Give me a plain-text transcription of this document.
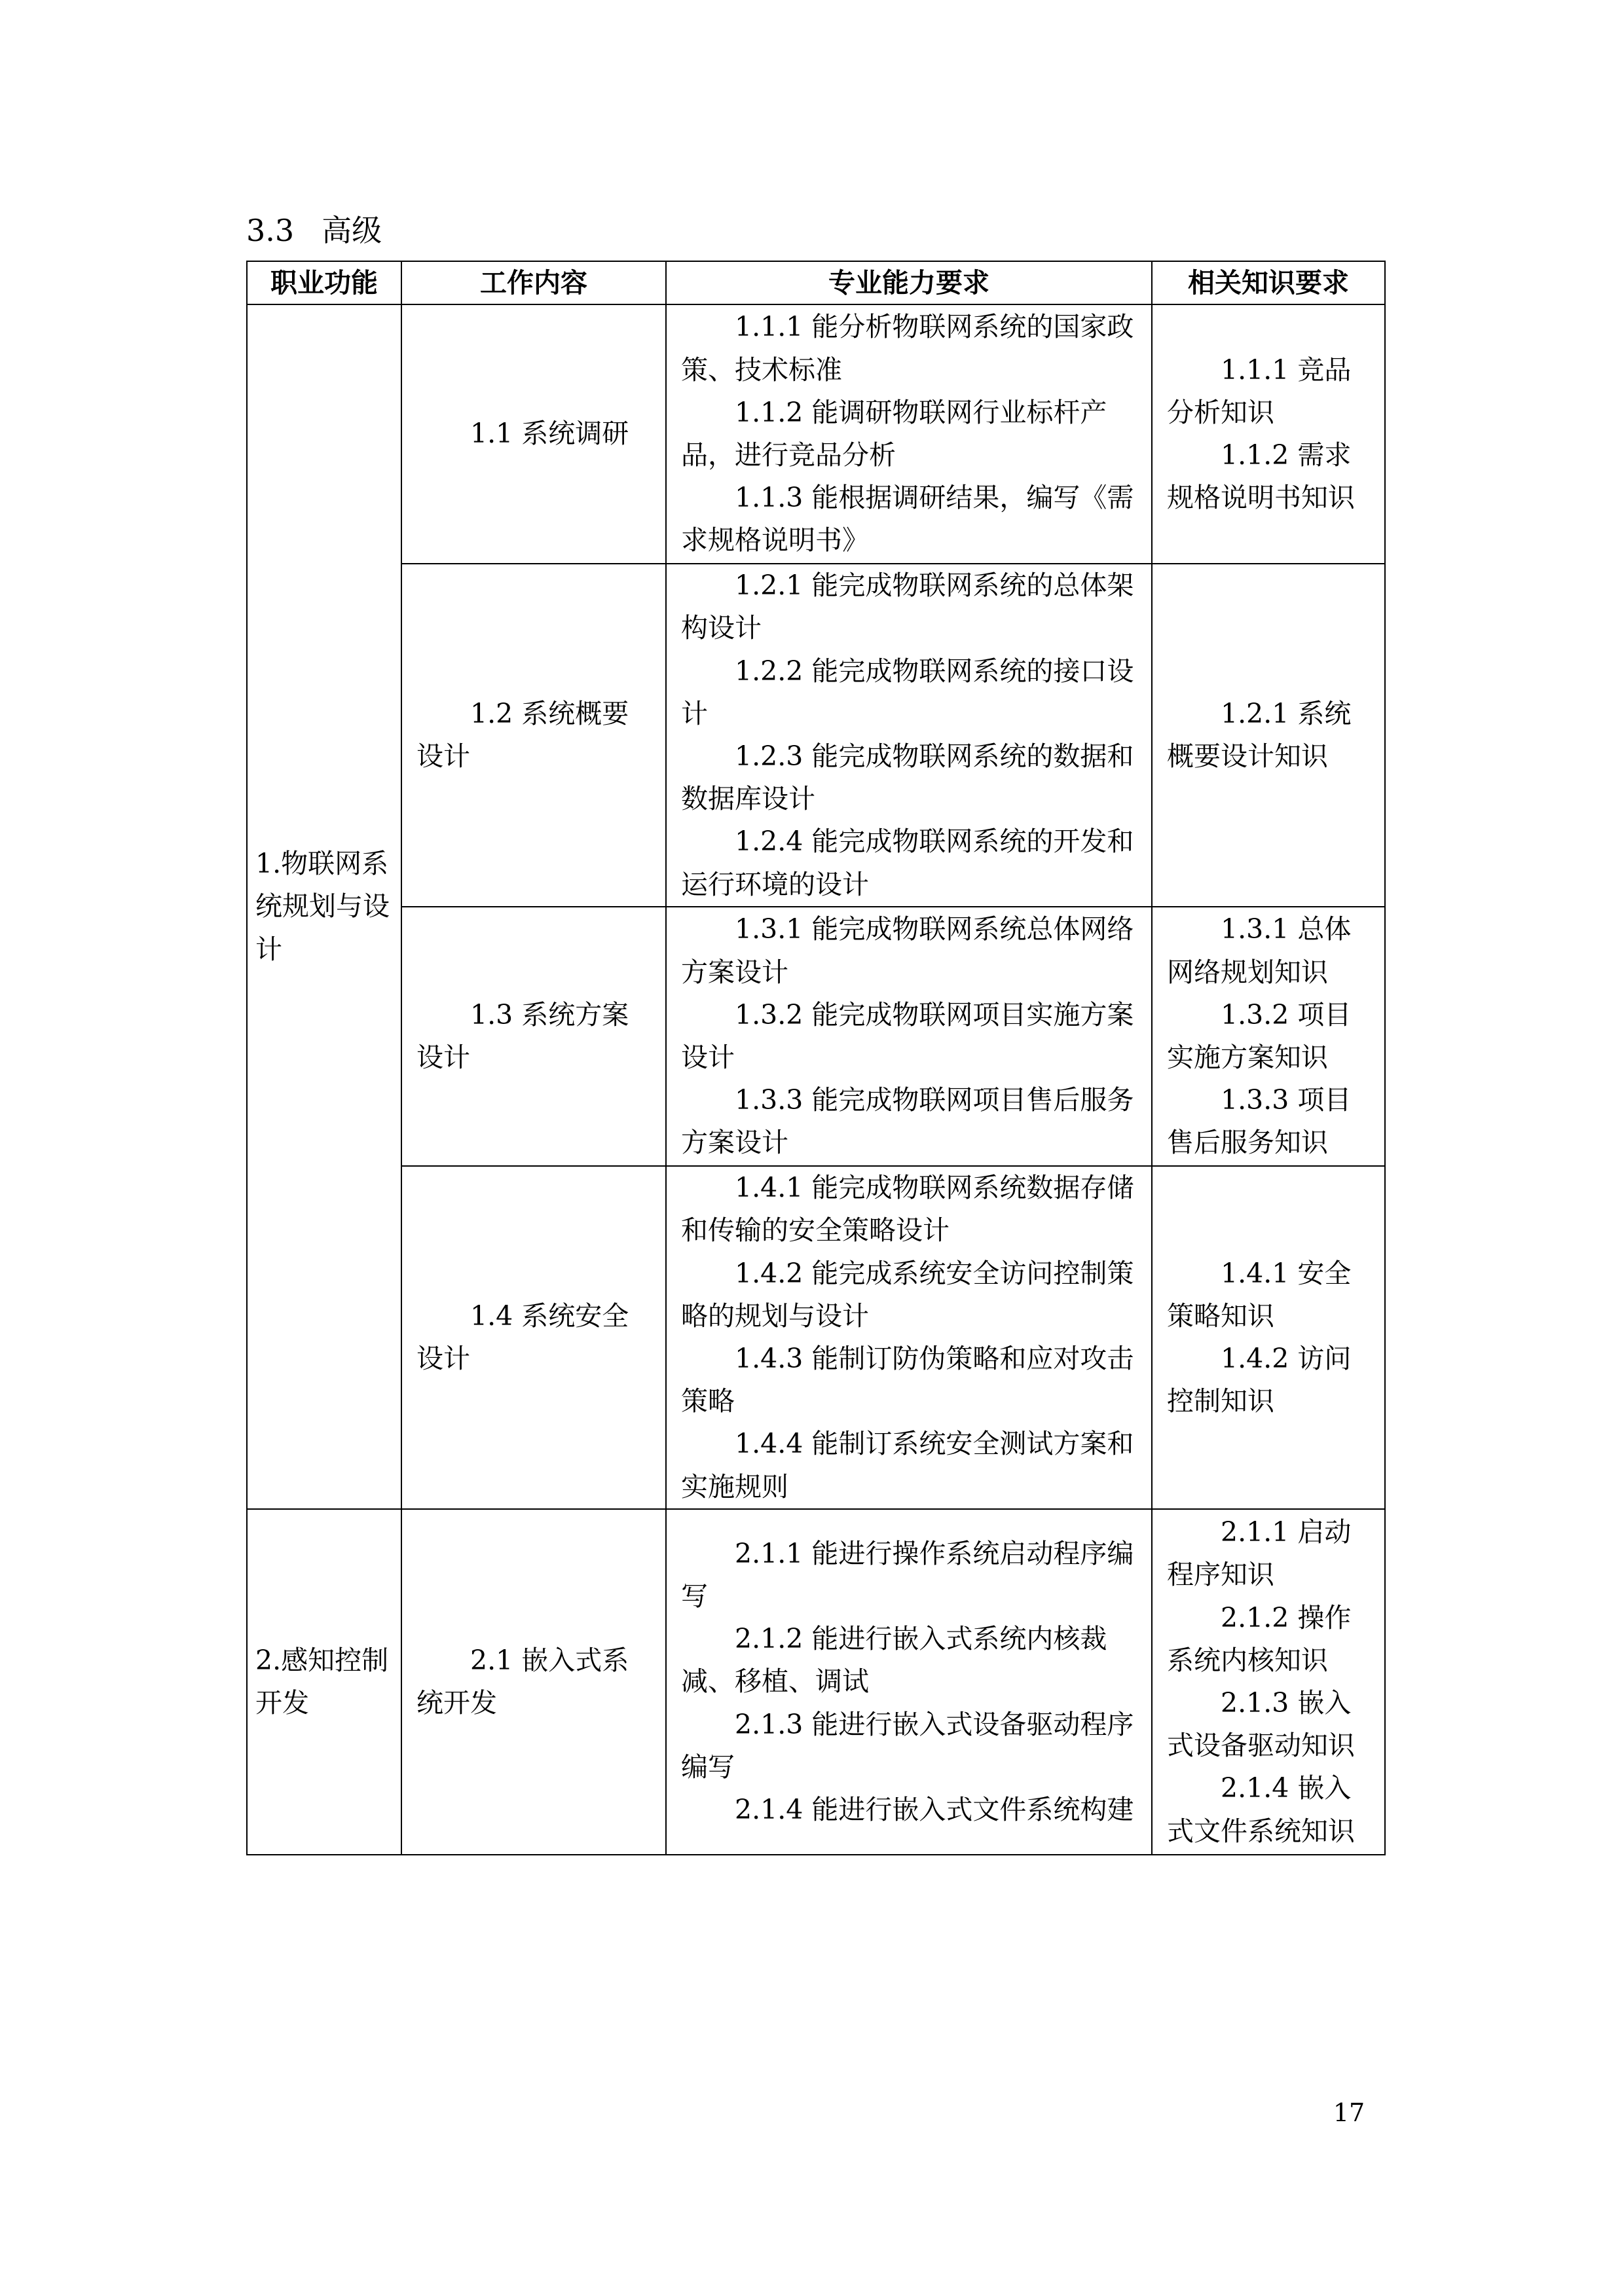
3.3 高级
职业功能	工作内容	专业能力要求	相关知识要求
1.物联网系统规划与设计	1.1 系统调研	1.1.1 能分析物联网系统的国家政策、技术标准
1.1.2 能调研物联网行业标杆产品，进行竞品分析
1.1.3 能根据调研结果，编写《需求规格说明书》	1.1.1 竞品分析知识
1.1.2 需求规格说明书知识

	1.2 系统概要设计	1.2.1 能完成物联网系统的总体架构设计
1.2.2 能完成物联网系统的接口设计
1.2.3 能完成物联网系统的数据和数据库设计
1.2.4 能完成物联网系统的开发和运行环境的设计	1.2.1 系统概要设计知识

	1.3 系统方案设计	1.3.1 能完成物联网系统总体网络方案设计
1.3.2 能完成物联网项目实施方案设计
1.3.3 能完成物联网项目售后服务方案设计	1.3.1 总体网络规划知识
1.3.2 项目实施方案知识
1.3.3 项目售后服务知识

	1.4 系统安全设计	1.4.1 能完成物联网系统数据存储和传输的安全策略设计
1.4.2 能完成系统安全访问控制策略的规划与设计
1.4.3 能制订防伪策略和应对攻击策略
1.4.4 能制订系统安全测试方案和实施规则	1.4.1 安全策略知识
1.4.2 访问控制知识

2.感知控制开发	2.1 嵌入式系统开发	2.1.1 能进行操作系统启动程序编写
2.1.2 能进行嵌入式系统内核裁减、移植、调试
2.1.3 能进行嵌入式设备驱动程序编写
2.1.4 能进行嵌入式文件系统构建	2.1.1 启动程序知识
2.1.2 操作系统内核知识
2.1.3 嵌入式设备驱动知识
2.1.4 嵌入式文件系统知识
17
